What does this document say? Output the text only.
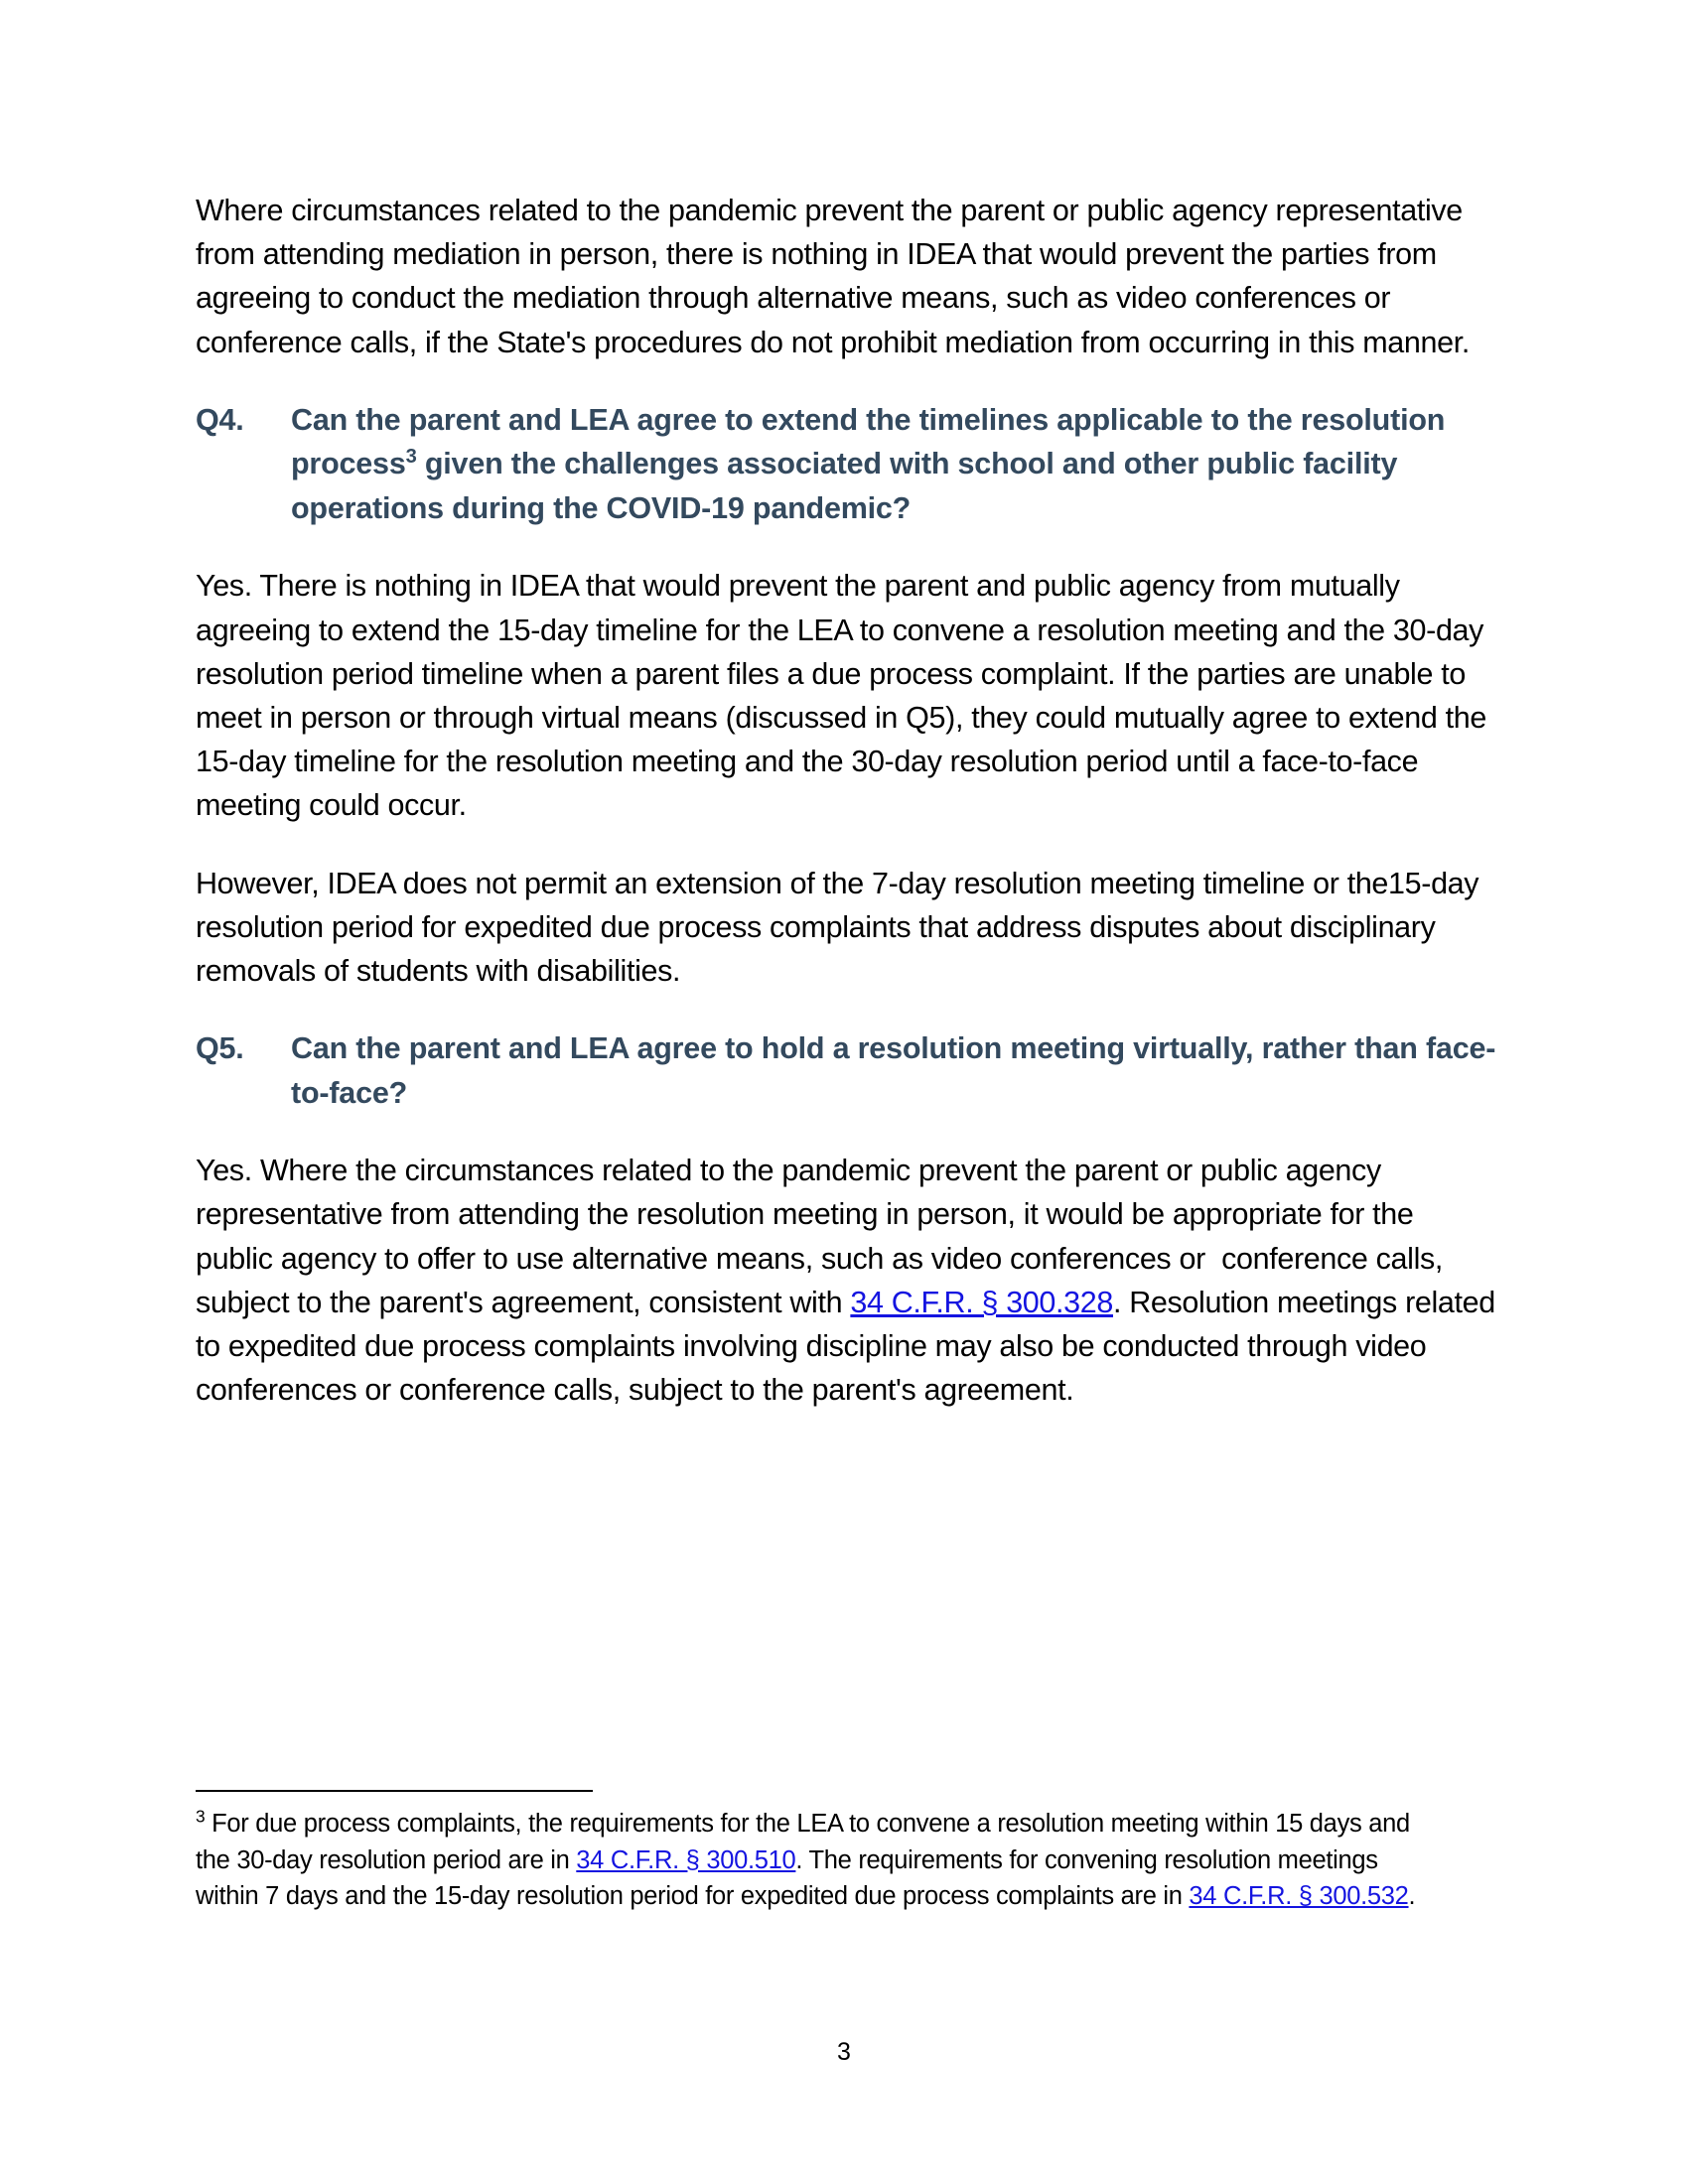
Where circumstances related to the pandemic prevent the parent or public agency representative from attending mediation in person, there is nothing in IDEA that would prevent the parties from agreeing to conduct the mediation through alternative means, such as video conferences or  conference calls, if the State's procedures do not prohibit mediation from occurring in this manner.

Q4.	Can the parent and LEA agree to extend the timelines applicable to the resolution process$^3$ given the challenges associated with school and other public facility operations during the COVID-19 pandemic?

Yes. There is nothing in IDEA that would prevent the parent and public agency from mutually agreeing to extend the 15-day timeline for the LEA to convene a resolution meeting and the 30-day resolution period timeline when a parent files a due process complaint. If the parties are unable to meet in person or through virtual means (discussed in Q5), they could mutually agree to extend the 15-day timeline for the resolution meeting and the 30-day resolution period until a face-to-face meeting could occur.

However, IDEA does not permit an extension of the 7-day resolution meeting timeline or the15-day resolution period for expedited due process complaints that address disputes about disciplinary removals of students with disabilities.

Q5.	Can the parent and LEA agree to hold a resolution meeting virtually, rather than face-to-face?

Yes. Where the circumstances related to the pandemic prevent the parent or public agency representative from attending the resolution meeting in person, it would be appropriate for the public agency to offer to use alternative means, such as video conferences or  conference calls, subject to the parent's agreement, consistent with 34 C.F.R. § 300.328. Resolution meetings related to expedited due process complaints involving discipline may also be conducted through video conferences or conference calls, subject to the parent's agreement.

$^3$ For due process complaints, the requirements for the LEA to convene a resolution meeting within 15 days and the 30-day resolution period are in 34 C.F.R. § 300.510. The requirements for convening resolution meetings within 7 days and the 15-day resolution period for expedited due process complaints are in 34 C.F.R. § 300.532.
3
